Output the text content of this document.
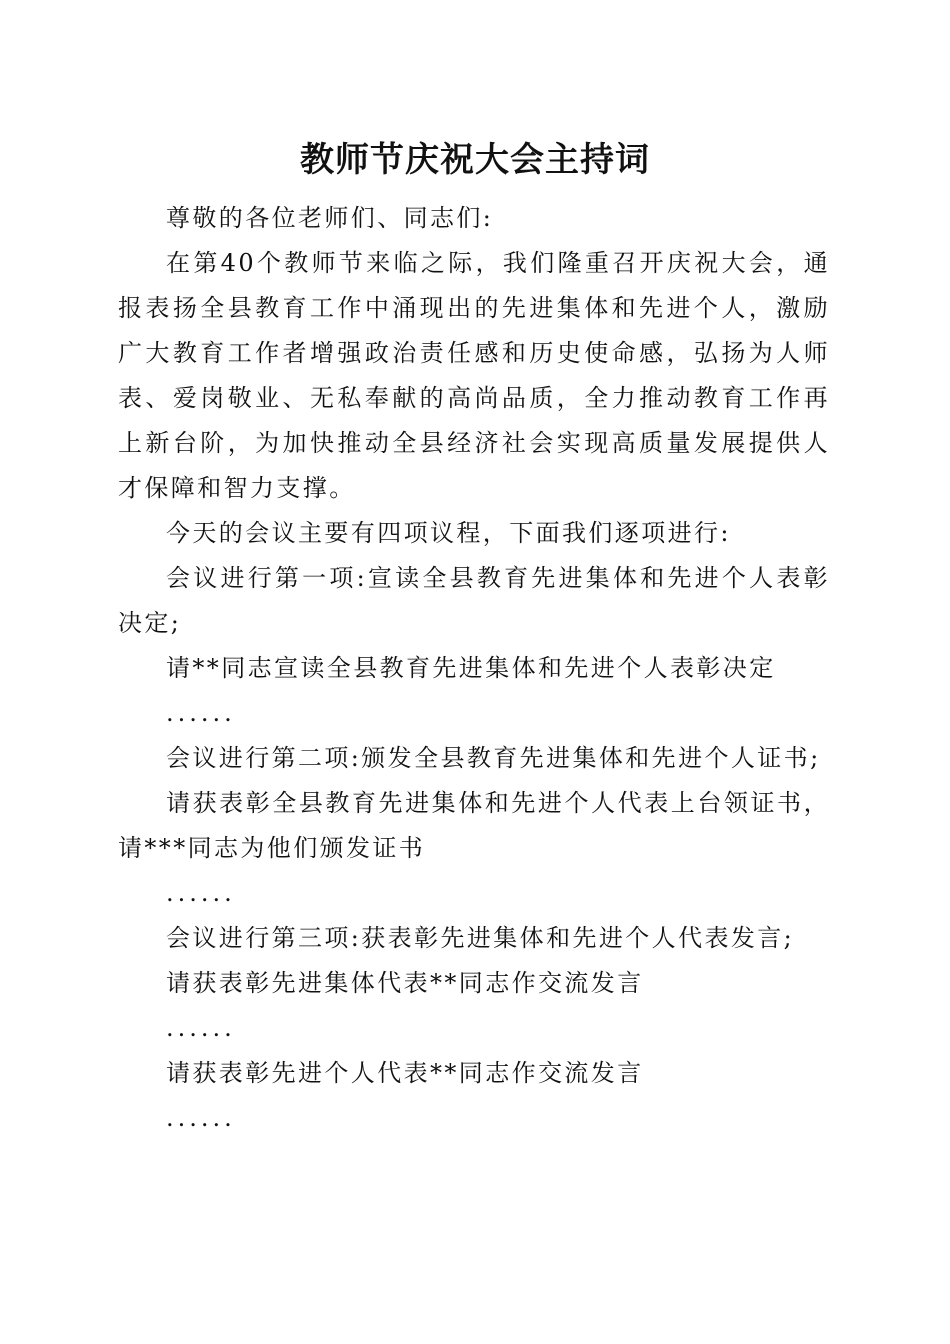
教师节庆祝大会主持词

尊敬的各位老师们、同志们:

在第40个教师节来临之际，我们隆重召开庆祝大会，通报表扬全县教育工作中涌现出的先进集体和先进个人，激励广大教育工作者增强政治责任感和历史使命感，弘扬为人师表、爱岗敬业、无私奉献的高尚品质，全力推动教育工作再上新台阶，为加快推动全县经济社会实现高质量发展提供人才保障和智力支撑。

今天的会议主要有四项议程，下面我们逐项进行:

会议进行第一项:宣读全县教育先进集体和先进个人表彰决定;

请**同志宣读全县教育先进集体和先进个人表彰决定

......

会议进行第二项:颁发全县教育先进集体和先进个人证书;

请获表彰全县教育先进集体和先进个人代表上台领证书，请***同志为他们颁发证书

......

会议进行第三项:获表彰先进集体和先进个人代表发言;

请获表彰先进集体代表**同志作交流发言

......

请获表彰先进个人代表**同志作交流发言

......
